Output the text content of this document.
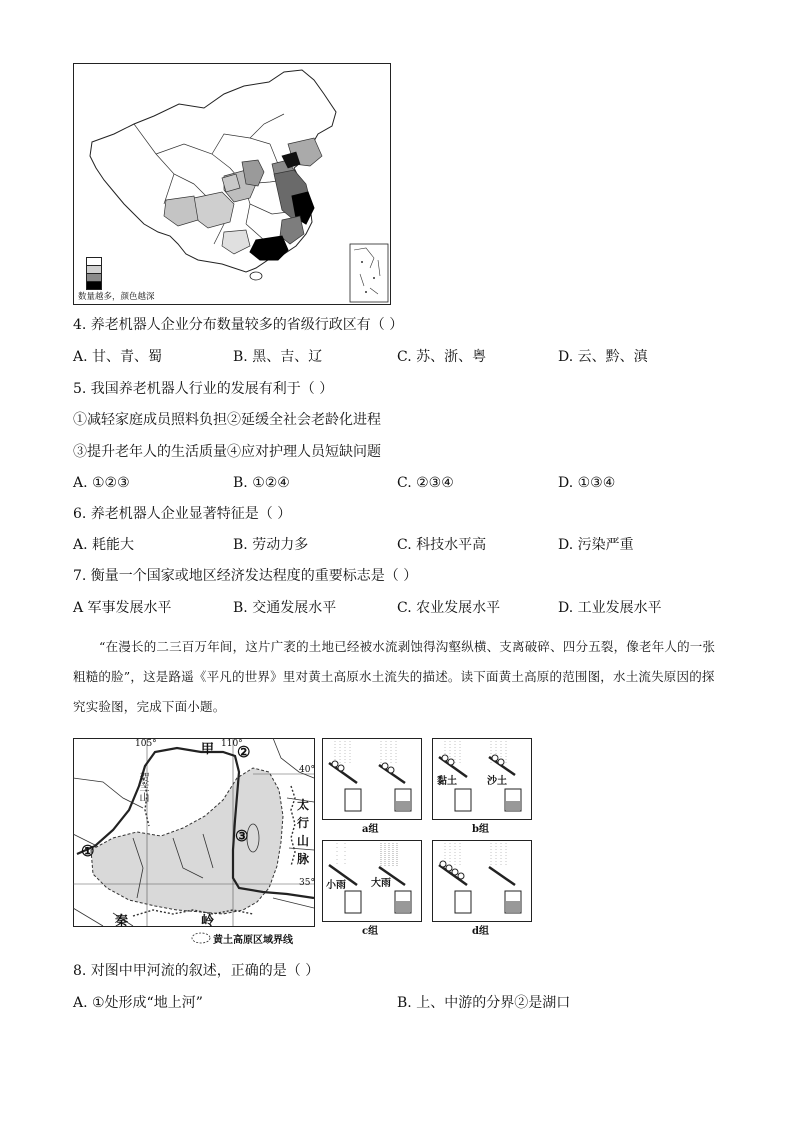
数量越多，颜色越深
4. 养老机器人企业分布数量较多的省级行政区有（ ）
A. 甘、青、蜀	B. 黑、吉、辽	C. 苏、浙、粤	D. 云、黔、滇
5. 我国养老机器人行业的发展有利于（ ）
①减轻家庭成员照料负担②延缓全社会老龄化进程
③提升老年人的生活质量④应对护理人员短缺问题
A. ①②③	B. ①②④	C. ②③④	D. ①③④
6. 养老机器人企业显著特征是（ ）
A. 耗能大	B. 劳动力多	C. 科技水平高	D. 污染严重
7. 衡量一个国家或地区经济发达程度的重要标志是（ ）
A 军事发展水平	B. 交通发展水平	C. 农业发展水平	D. 工业发展水平
“在漫长的二三百万年间，这片广袤的土地已经被水流剥蚀得沟壑纵横、支离破碎、四分五裂，像老年人的一张粗糙的脸”，这是路遥《平凡的世界》里对黄土高原水土流失的描述。读下面黄土高原的范围图，水土流失原因的探究实验图，完成下面小题。
105°	110°
40°
35°
甲
①
②
③
贺兰山
太
行
山
脉
秦	岭
黄土高原区域界线
a组
黏土	沙土
b组
小雨	大雨
c组	d组
8. 对图中甲河流的叙述，正确的是（ ）
A. ①处形成“地上河”	B. 上、中游的分界②是湖口
